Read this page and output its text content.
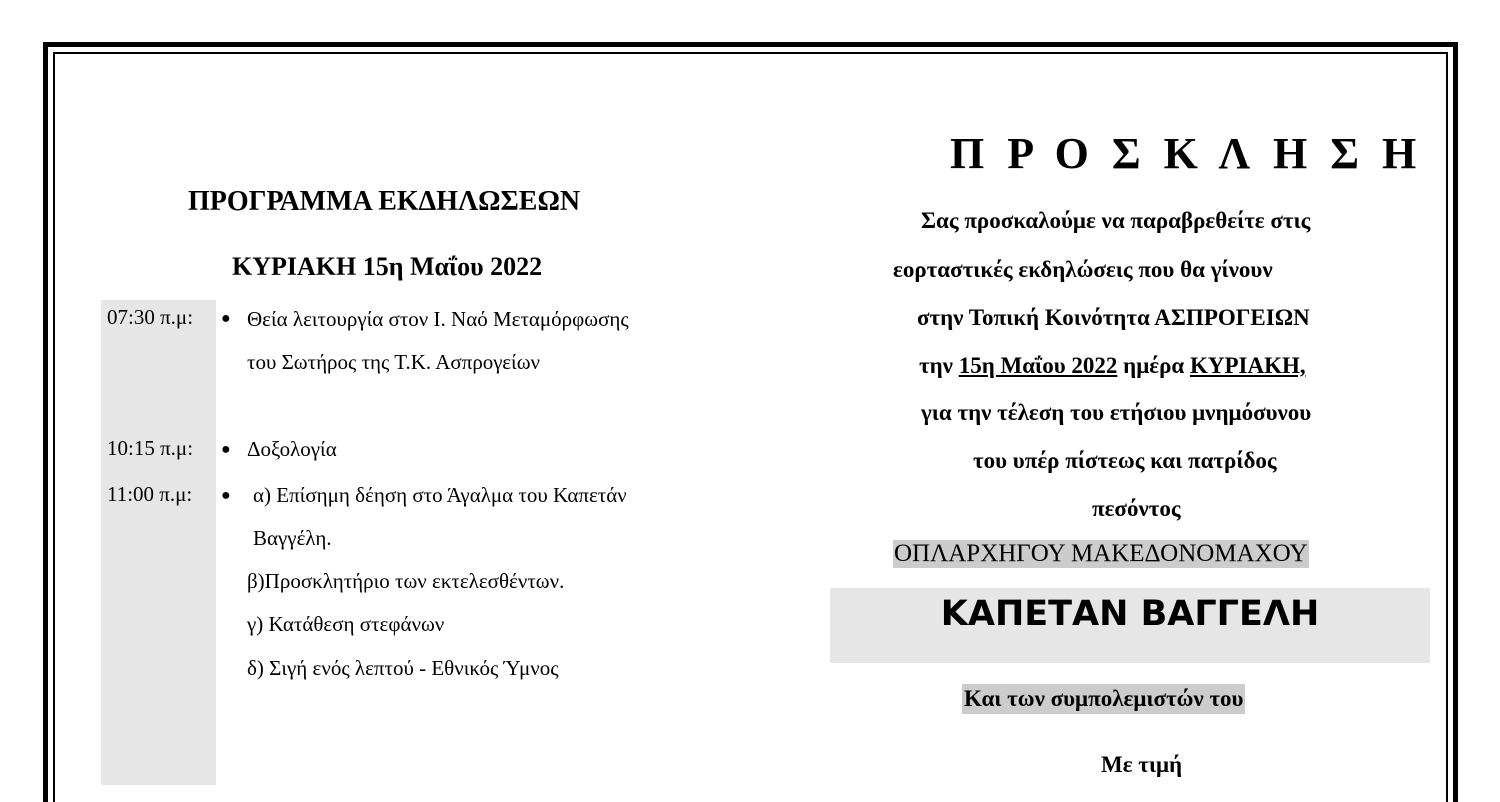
ΠΡΟΓΡΑΜΜΑ ΕΚΔΗΛΩΣΕΩΝ
ΚΥΡΙΑΚΗ 15η Μαΐου 2022
07:30 π.μ: ● Θεία λειτουργία στον Ι. Ναό Μεταμόρφωσης
του Σωτήρος της Τ.Κ. Ασπρογείων
10:15 π.μ: ● Δοξολογία
11:00 π.μ: ● α) Επίσημη δέηση στο Άγαλμα του Καπετάν
Βαγγέλη.
β)Προσκλητήριο των εκτελεσθέντων.
γ) Κατάθεση στεφάνων
δ) Σιγή ενός λεπτού - Εθνικός Ύμνος
Π Ρ Ο Σ Κ Λ Η Σ Η
Σας προσκαλούμε να παραβρεθείτε στις
εορταστικές εκδηλώσεις που θα γίνουν
στην Τοπική Κοινότητα ΑΣΠΡΟΓΕΙΩΝ
την 15η Μαΐου 2022 ημέρα ΚΥΡΙΑΚΗ,
για την τέλεση του ετήσιου μνημόσυνου
του υπέρ πίστεως και πατρίδος
πεσόντος
ΟΠΛΑΡΧΗΓΟΥ ΜΑΚΕΔΟΝΟΜΑΧΟΥ
ΚΑΠΕΤΑΝ ΒΑΓΓΕΛΗ
Και των συμπολεμιστών του
Με τιμή
